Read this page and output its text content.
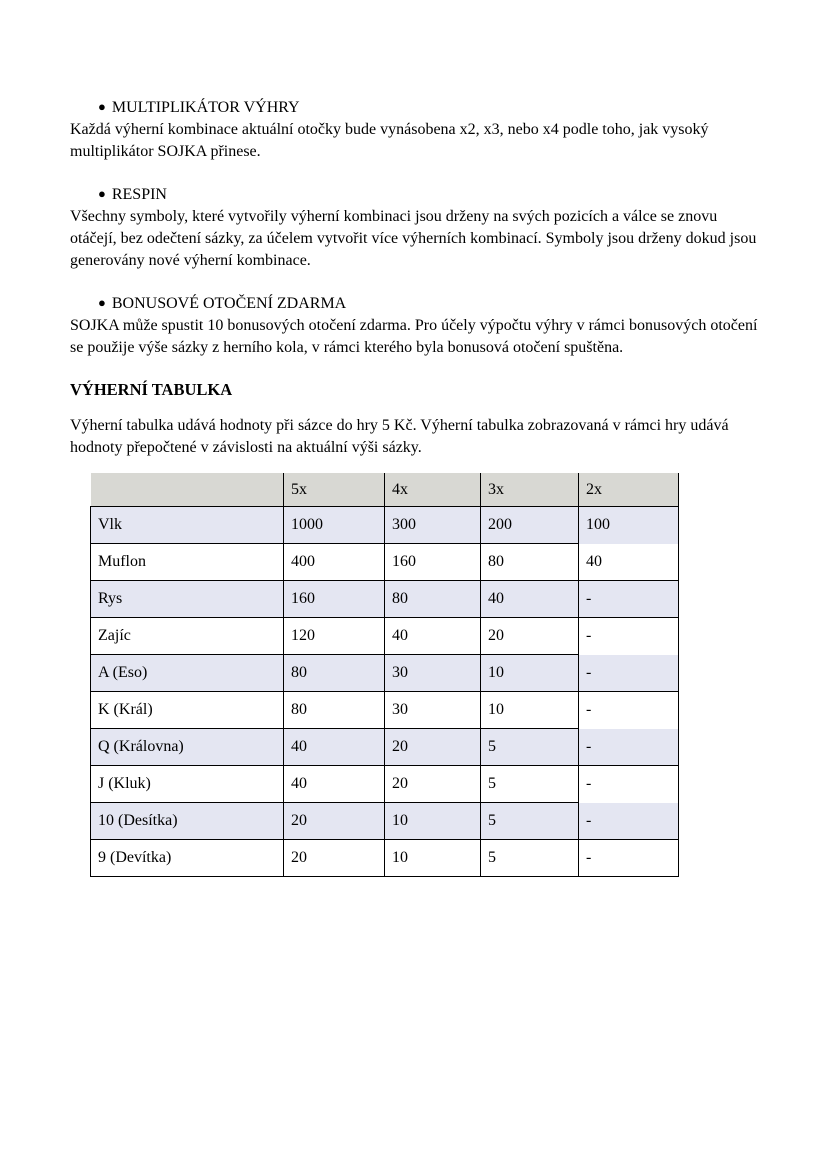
● MULTIPLIKÁTOR VÝHRY

Každá výherní kombinace aktuální otočky bude vynásobena x2, x3, nebo x4 podle toho, jak vysoký multiplikátor SOJKA přinese.

● RESPIN

Všechny symboly, které vytvořily výherní kombinaci jsou drženy na svých pozicích a válce se znovu otáčejí, bez odečtení sázky, za účelem vytvořit více výherních kombinací. Symboly jsou drženy dokud jsou generovány nové výherní kombinace.

● BONUSOVÉ OTOČENÍ ZDARMA

SOJKA může spustit 10 bonusových otočení zdarma. Pro účely výpočtu výhry v rámci bonusových otočení se použije výše sázky z herního kola, v rámci kterého byla bonusová otočení spuštěna.

VÝHERNÍ TABULKA

Výherní tabulka udává hodnoty při sázce do hry 5 Kč. Výherní tabulka zobrazovaná v rámci hry udává hodnoty přepočtené v závislosti na aktuální výši sázky.

	5x	4x	3x	2x
Vlk	1000	300	200	100
Muflon	400	160	80	40
Rys	160	80	40	-
Zajíc	120	40	20	-
A (Eso)	80	30	10	-
K (Král)	80	30	10	-
Q (Královna)	40	20	5	-
J (Kluk)	40	20	5	-
10 (Desítka)	20	10	5	-
9 (Devítka)	20	10	5	-
